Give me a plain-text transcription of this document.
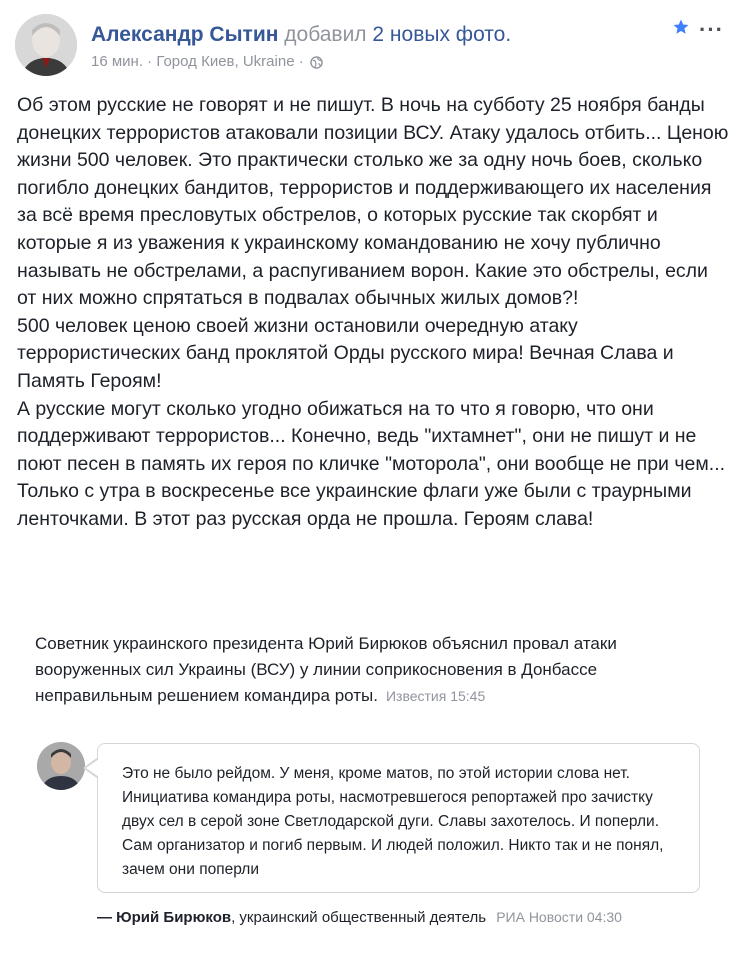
Александр Сытин добавил 2 новых фото.
16 мин. · Город Киев, Ukraine ·
···

Об этом русские не говорят и не пишут. В ночь на субботу 25 ноября банды донецких террористов атаковали позиции ВСУ. Атаку удалось отбить... Ценою жизни 500 человек. Это практически столько же за одну ночь боев, сколько погибло донецких бандитов, террористов и поддерживающего их населения за всё время пресловутых обстрелов, о которых русские так скорбят и которые я из уважения к украинскому командованию не хочу публично называть не обстрелами, а распугиванием ворон. Какие это обстрелы, если от них можно спрятаться в подвалах обычных жилых домов?!

500 человек ценою своей жизни остановили очередную атаку террористических банд проклятой Орды русского мира! Вечная Слава и Память Героям!

А русские могут сколько угодно обижаться на то что я говорю, что они поддерживают террористов... Конечно, ведь "ихтамнет", они не пишут и не поют песен в память их героя по кличке "моторола", они вообще не при чем... Только с утра в воскресенье все украинские флаги уже были с траурными ленточками. В этот раз русская орда не прошла. Героям слава!

Советник украинского президента Юрий Бирюков объяснил провал атаки вооруженных сил Украины (ВСУ) у линии соприкосновения в Донбассе неправильным решением командира роты. Известия 15:45
Это не было рейдом. У меня, кроме матов, по этой истории слова нет. Инициатива командира роты, насмотревшегося репортажей про зачистку двух сел в серой зоне Светлодарской дуги. Славы захотелось. И поперли. Сам организатор и погиб первым. И людей положил. Никто так и не понял, зачем они поперли
— Юрий Бирюков, украинский общественный деятель РИА Новости 04:30
